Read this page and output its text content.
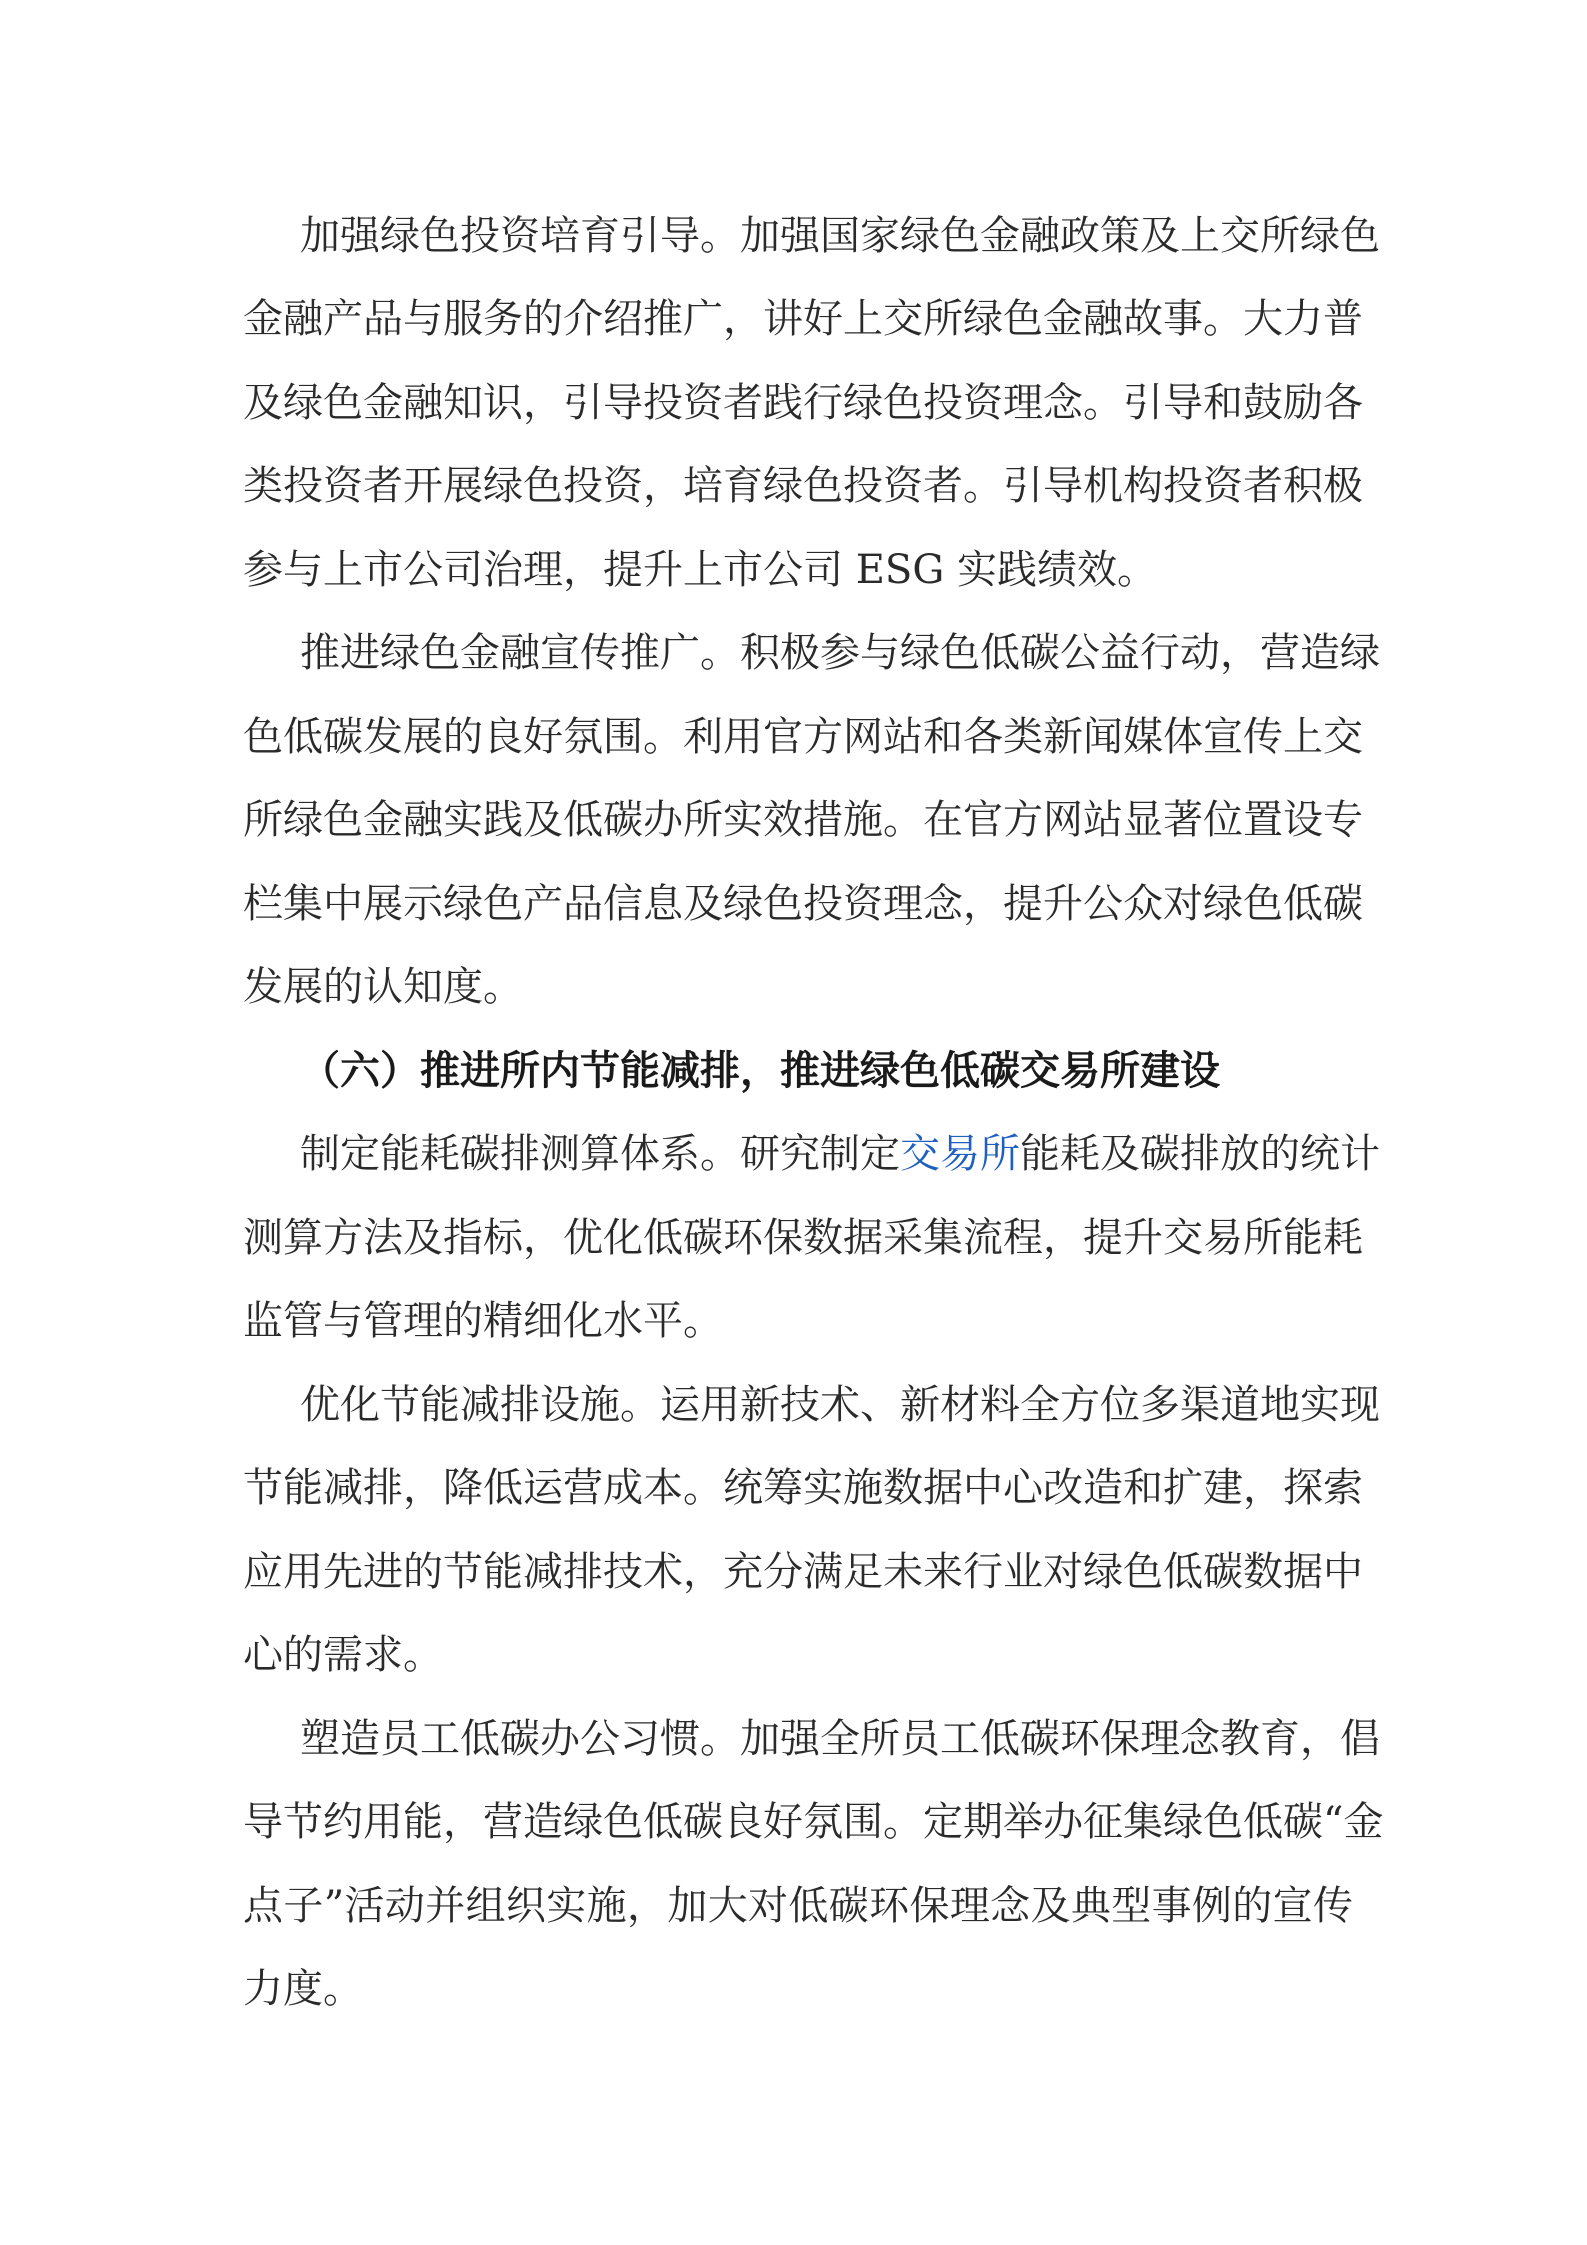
加强绿色投资培育引导。加强国家绿色金融政策及上交所绿色

金融产品与服务的介绍推广，讲好上交所绿色金融故事。大力普

及绿色金融知识，引导投资者践行绿色投资理念。引导和鼓励各

类投资者开展绿色投资，培育绿色投资者。引导机构投资者积极

参与上市公司治理，提升上市公司 ESG 实践绩效。

推进绿色金融宣传推广。积极参与绿色低碳公益行动，营造绿

色低碳发展的良好氛围。利用官方网站和各类新闻媒体宣传上交

所绿色金融实践及低碳办所实效措施。在官方网站显著位置设专

栏集中展示绿色产品信息及绿色投资理念，提升公众对绿色低碳

发展的认知度。

（六）推进所内节能减排，推进绿色低碳交易所建设

制定能耗碳排测算体系。研究制定交易所能耗及碳排放的统计

测算方法及指标，优化低碳环保数据采集流程，提升交易所能耗

监管与管理的精细化水平。

优化节能减排设施。运用新技术、新材料全方位多渠道地实现

节能减排，降低运营成本。统筹实施数据中心改造和扩建，探索

应用先进的节能减排技术，充分满足未来行业对绿色低碳数据中

心的需求。

塑造员工低碳办公习惯。加强全所员工低碳环保理念教育，倡

导节约用能，营造绿色低碳良好氛围。定期举办征集绿色低碳“金

点子”活动并组织实施，加大对低碳环保理念及典型事例的宣传

力度。
